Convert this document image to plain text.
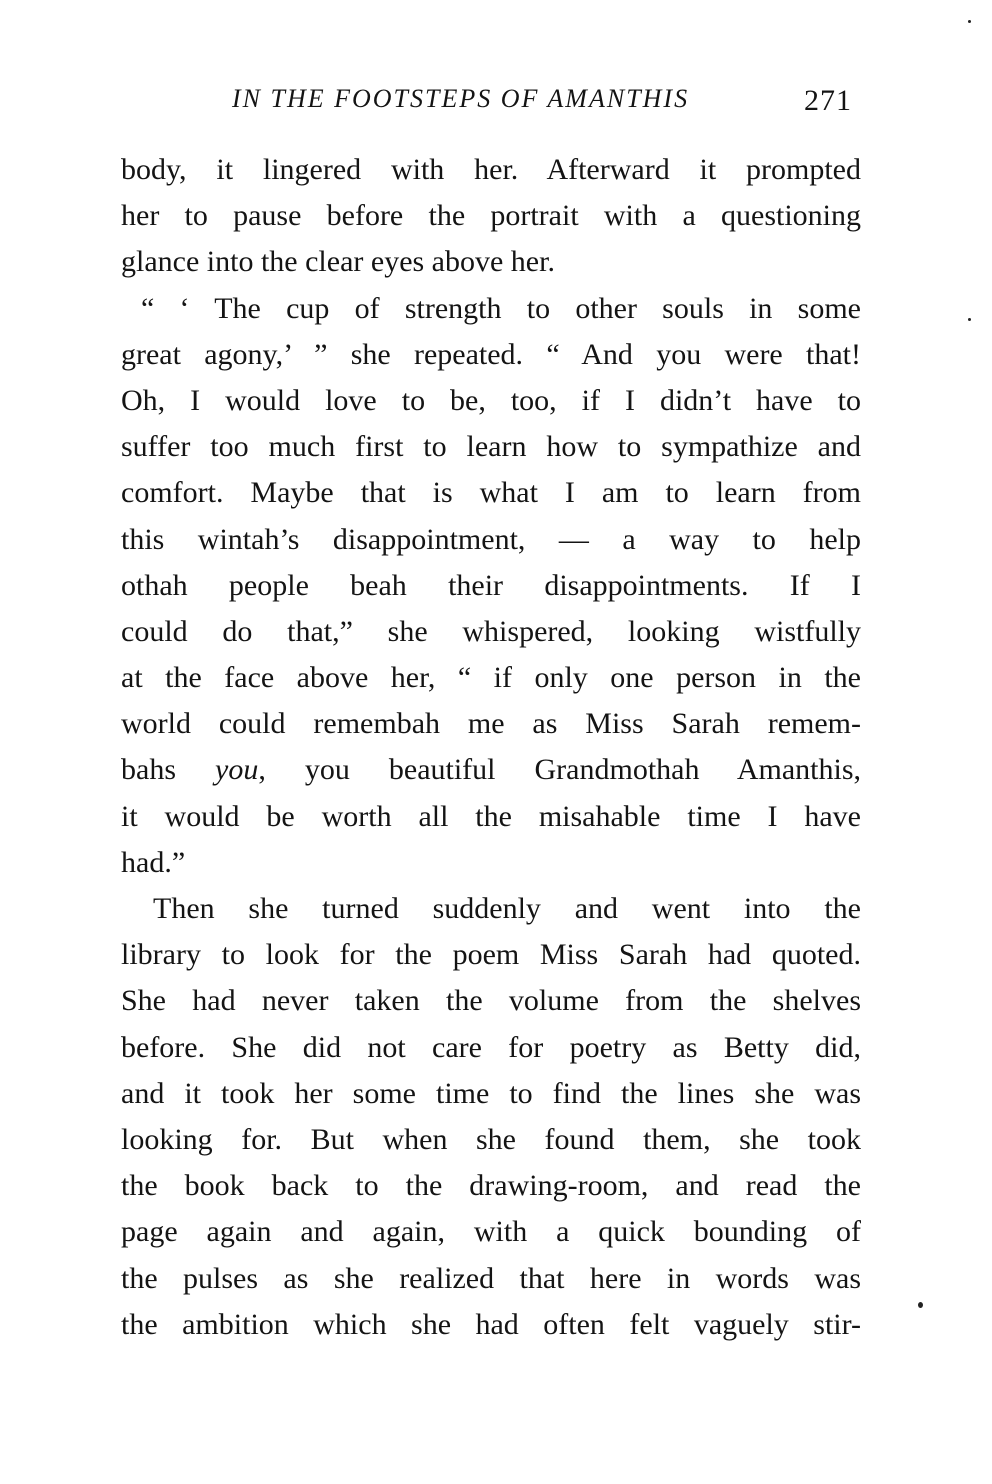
IN THE FOOTSTEPS OF AMANTHIS	271
body, it lingered with her. Afterward it prompted
her to pause before the portrait with a questioning
glance into the clear eyes above her.
“ ‘ The cup of strength to other souls in some
great agony,’ ” she repeated. “ And you were that!
Oh, I would love to be, too, if I didn’t have to
suffer too much first to learn how to sympathize and
comfort. Maybe that is what I am to learn from
this wintah’s disappointment, — a way to help
othah people beah their disappointments. If I
could do that,” she whispered, looking wistfully
at the face above her, “ if only one person in the
world could remembah me as Miss Sarah remem-
bahs you, you beautiful Grandmothah Amanthis,
it would be worth all the misahable time I have
had.”
Then she turned suddenly and went into the
library to look for the poem Miss Sarah had quoted.
She had never taken the volume from the shelves
before. She did not care for poetry as Betty did,
and it took her some time to find the lines she was
looking for. But when she found them, she took
the book back to the drawing-room, and read the
page again and again, with a quick bounding of
the pulses as she realized that here in words was
the ambition which she had often felt vaguely stir-
